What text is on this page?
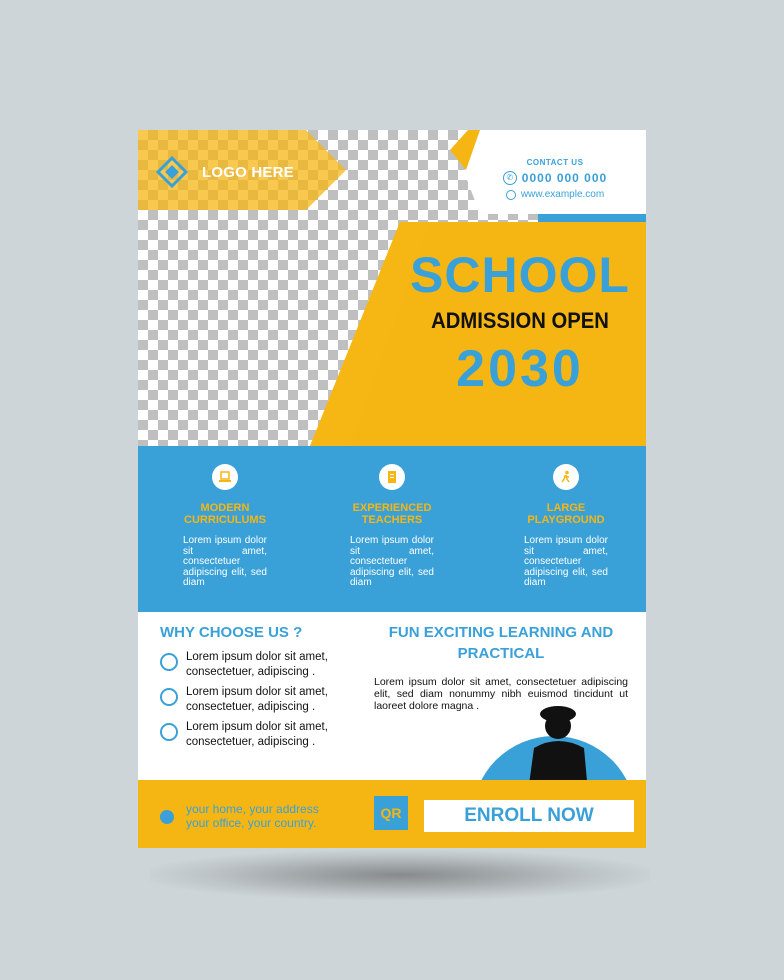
LOGO HERE
CONTACT US
✆ 0000 000 000
www.example.com
SCHOOL
ADMISSION OPEN
2030
MODERN CURRICULUMS
Lorem ipsum dolor sit amet, consectetuer adipiscing elit, sed diam
EXPERIENCED TEACHERS
Lorem ipsum dolor sit amet, consectetuer adipiscing elit, sed diam
LARGE PLAYGROUND
Lorem ipsum dolor sit amet, consectetuer adipiscing elit, sed diam
WHY CHOOSE US ?
Lorem ipsum dolor sit amet, consectetuer, adipiscing .
Lorem ipsum dolor sit amet, consectetuer, adipiscing .
Lorem ipsum dolor sit amet, consectetuer, adipiscing .
FUN EXCITING LEARNING AND PRACTICAL
Lorem ipsum dolor sit amet, consectetuer adipiscing elit, sed diam nonummy nibh euismod tincidunt ut laoreet dolore magna .
your home, your address
your office, your country.
QR	ENROLL NOW
